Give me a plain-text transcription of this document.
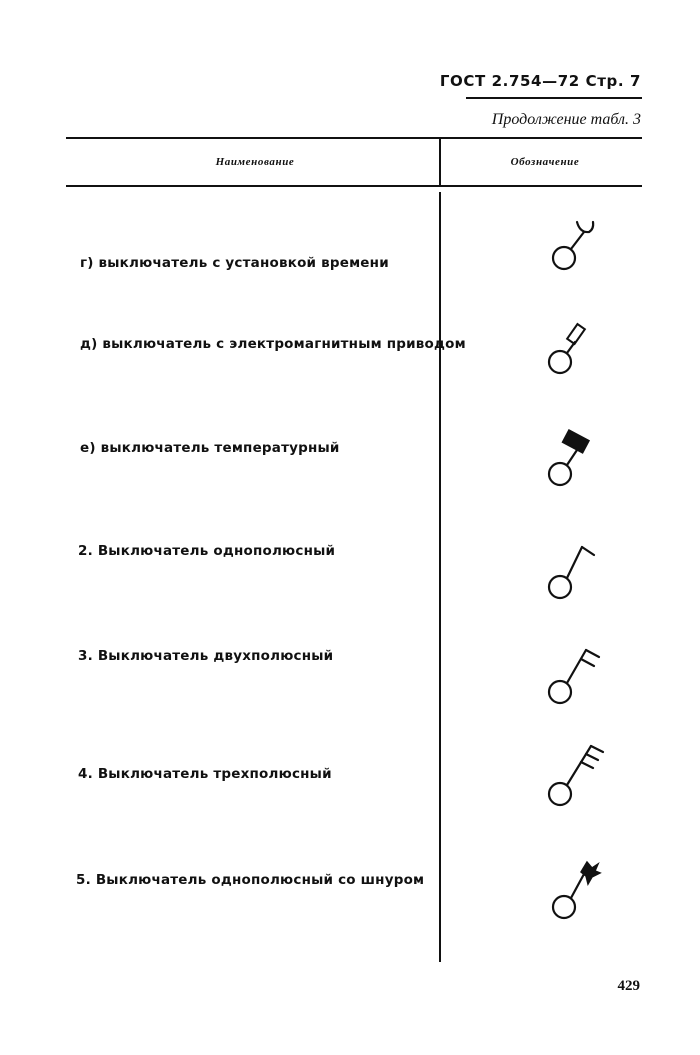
ГОСТ 2.754—72 Стр. 7
Продолжение табл. 3
Наименование	Обозначение
г) выключатель с установкой времени
д) выключатель с электромагнитным приводом
е) выключатель температурный
2. Выключатель однополюсный
3. Выключатель двухполюсный
4. Выключатель трехполюсный
5. Выключатель однополюсный со шнуром
429
